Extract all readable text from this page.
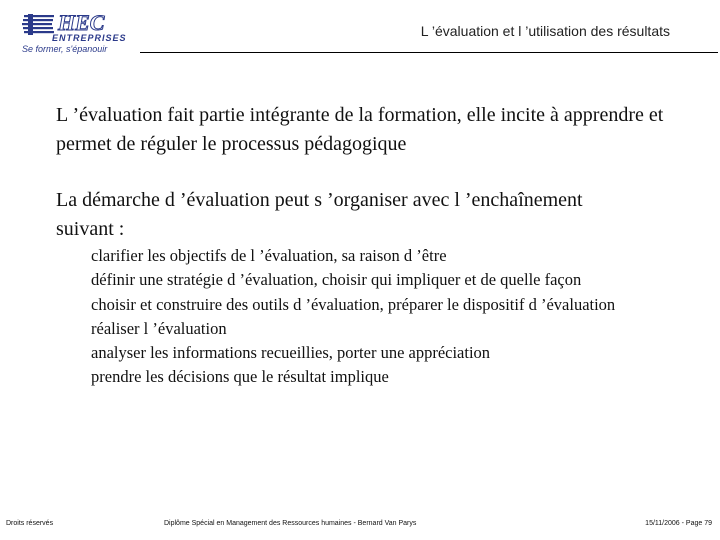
HEC
ENTREPRISES
Se former, s'épanouir
L ’évaluation et l ’utilisation des résultats

L ’évaluation fait partie intégrante de la formation, elle incite à apprendre et permet de réguler le processus pédagogique

La démarche d ’évaluation peut s ’organiser avec l ’enchaînement suivant :

clarifier les objectifs de l ’évaluation, sa raison d ’être
définir une stratégie d ’évaluation, choisir qui impliquer et de quelle façon
choisir et construire des outils d ’évaluation, préparer le dispositif d ’évaluation
réaliser l ’évaluation
analyser les informations recueillies, porter une appréciation
prendre les décisions que le résultat implique
Droits réservés	Diplôme Spécial en Management des Ressources humaines - Bernard Van Parys	15/11/2006 - Page 79
